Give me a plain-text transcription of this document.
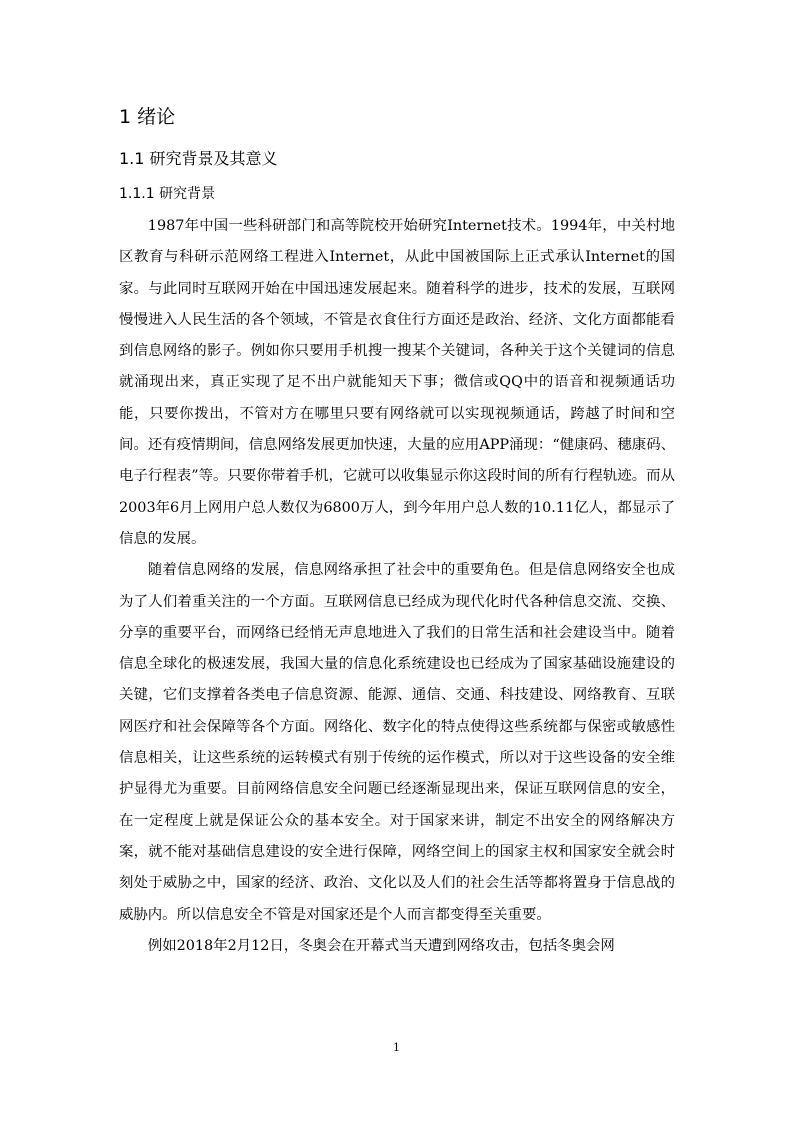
1 绪论
1.1 研究背景及其意义
1.1.1 研究背景

1987年中国一些科研部门和高等院校开始研究Internet技术。1994年，中关村地区教育与科研示范网络工程进入Internet，从此中国被国际上正式承认Internet的国家。与此同时互联网开始在中国迅速发展起来。随着科学的进步，技术的发展，互联网慢慢进入人民生活的各个领域，不管是衣食住行方面还是政治、经济、文化方面都能看到信息网络的影子。例如你只要用手机搜一搜某个关键词，各种关于这个关键词的信息就涌现出来，真正实现了足不出户就能知天下事；微信或QQ中的语音和视频通话功能，只要你拨出，不管对方在哪里只要有网络就可以实现视频通话，跨越了时间和空间。还有疫情期间，信息网络发展更加快速，大量的应用APP涌现：“健康码、穗康码、电子行程表”等。只要你带着手机，它就可以收集显示你这段时间的所有行程轨迹。而从2003年6月上网用户总人数仅为6800万人，到今年用户总人数的10.11亿人，都显示了信息的发展。

随着信息网络的发展，信息网络承担了社会中的重要角色。但是信息网络安全也成为了人们着重关注的一个方面。互联网信息已经成为现代化时代各种信息交流、交换、分享的重要平台，而网络已经悄无声息地进入了我们的日常生活和社会建设当中。随着信息全球化的极速发展，我国大量的信息化系统建设也已经成为了国家基础设施建设的关键，它们支撑着各类电子信息资源、能源、通信、交通、科技建设、网络教育、互联网医疗和社会保障等各个方面。网络化、数字化的特点使得这些系统都与保密或敏感性信息相关，让这些系统的运转模式有别于传统的运作模式，所以对于这些设备的安全维护显得尤为重要。目前网络信息安全问题已经逐渐显现出来，保证互联网信息的安全，在一定程度上就是保证公众的基本安全。对于国家来讲，制定不出安全的网络解决方案，就不能对基础信息建设的安全进行保障，网络空间上的国家主权和国家安全就会时刻处于威胁之中，国家的经济、政治、文化以及人们的社会生活等都将置身于信息战的威胁内。所以信息安全不管是对国家还是个人而言都变得至关重要。

例如2018年2月12日，冬奥会在开幕式当天遭到网络攻击，包括冬奥会网

1
